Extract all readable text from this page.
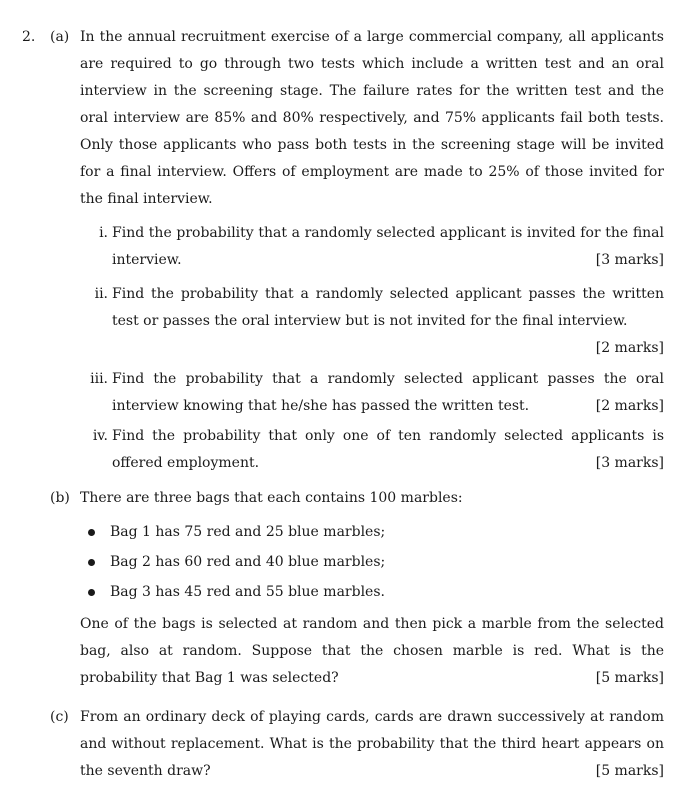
2. (a) In the annual recruitment exercise of a large commercial company, all applicants are required to go through two tests which include a written test and an oral interview in the screening stage. The failure rates for the written test and the oral interview are 85% and 80% respectively, and 75% applicants fail both tests. Only those applicants who pass both tests in the screening stage will be invited for a final interview. Offers of employment are made to 25% of those invited for the final interview.

i. Find the probability that a randomly selected applicant is invited for the final interview.	[3 marks]
ii. Find the probability that a randomly selected applicant passes the written test or passes the oral interview but is not invited for the final interview.
[2 marks]
iii. Find the probability that a randomly selected applicant passes the oral interview knowing that he/she has passed the written test.	[2 marks]
iv. Find the probability that only one of ten randomly selected applicants is offered employment.	[3 marks]
(b) There are three bags that each contains 100 marbles:

Bag 1 has 75 red and 25 blue marbles;
Bag 2 has 60 red and 40 blue marbles;
Bag 3 has 45 red and 55 blue marbles.
One of the bags is selected at random and then pick a marble from the selected bag, also at random. Suppose that the chosen marble is red. What is the probability that Bag 1 was selected?	[5 marks]
(c) From an ordinary deck of playing cards, cards are drawn successively at random and without replacement. What is the probability that the third heart appears on the seventh draw?	[5 marks]
